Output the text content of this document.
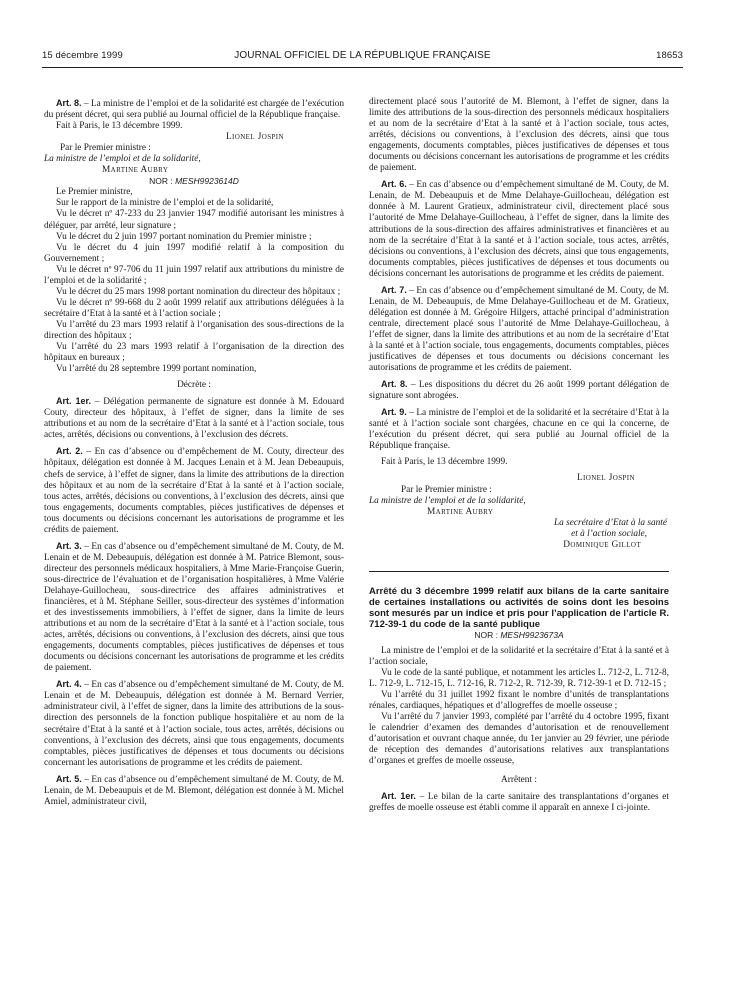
15 décembre 1999	JOURNAL OFFICIEL DE LA RÉPUBLIQUE FRANÇAISE	18653

Art. 8. – La ministre de l’emploi et de la solidarité est chargée de l’exécution du présent décret, qui sera publié au Journal officiel de la République française.

Fait à Paris, le 13 décembre 1999.

Lionel Jospin

Par le Premier ministre :

La ministre de l’emploi et de la solidarité,

Martine Aubry

NOR : MESH9923614D

Le Premier ministre,

Sur le rapport de la ministre de l’emploi et de la solidarité,

Vu le décret nº 47-233 du 23 janvier 1947 modifié autorisant les ministres à déléguer, par arrêté, leur signature ;

Vu le décret du 2 juin 1997 portant nomination du Premier ministre ;

Vu le décret du 4 juin 1997 modifié relatif à la composition du Gouvernement ;

Vu le décret nº 97-706 du 11 juin 1997 relatif aux attributions du ministre de l’emploi et de la solidarité ;

Vu le décret du 25 mars 1998 portant nomination du directeur des hôpitaux ;

Vu le décret nº 99-668 du 2 août 1999 relatif aux attributions déléguées à la secrétaire d’Etat à la santé et à l’action sociale ;

Vu l’arrêté du 23 mars 1993 relatif à l’organisation des sous-directions de la direction des hôpitaux ;

Vu l’arrêté du 23 mars 1993 relatif à l’organisation de la direction des hôpitaux en bureaux ;

Vu l’arrêté du 28 septembre 1999 portant nomination,

Décrète :

Art. 1er. – Délégation permanente de signature est donnée à M. Edouard Couty, directeur des hôpitaux, à l’effet de signer, dans la limite de ses attributions et au nom de la secrétaire d’Etat à la santé et à l’action sociale, tous actes, arrêtés, décisions ou conventions, à l’exclusion des décrets.

Art. 2. – En cas d’absence ou d’empêchement de M. Couty, directeur des hôpitaux, délégation est donnée à M. Jacques Lenain et à M. Jean Debeaupuis, chefs de service, à l’effet de signer, dans la limite des attributions de la direction des hôpitaux et au nom de la secrétaire d’Etat à la santé et à l’action sociale, tous actes, arrêtés, décisions ou conventions, à l’exclusion des décrets, ainsi que tous engagements, documents comptables, pièces justificatives de dépenses et tous documents ou décisions concernant les autorisations de programme et les crédits de paiement.

Art. 3. – En cas d’absence ou d’empêchement simultané de M. Couty, de M. Lenain et de M. Debeaupuis, délégation est donnée à M. Patrice Blemont, sous-directeur des personnels médicaux hospitaliers, à Mme Marie-Françoise Guerin, sous-directrice de l’évaluation et de l’organisation hospitalières, à Mme Valérie Delahaye-Guillocheau, sous-directrice des affaires administratives et financières, et à M. Stéphane Seiller, sous-directeur des systèmes d’information et des investissements immobiliers, à l’effet de signer, dans la limite de leurs attributions et au nom de la secrétaire d’Etat à la santé et à l’action sociale, tous actes, arrêtés, décisions ou conventions, à l’exclusion des décrets, ainsi que tous engagements, documents comptables, pièces justificatives de dépenses et tous documents ou décisions concernant les autorisations de programme et les crédits de paiement.

Art. 4. – En cas d’absence ou d’empêchement simultané de M. Couty, de M. Lenain et de M. Debeaupuis, délégation est donnée à M. Bernard Verrier, administrateur civil, à l’effet de signer, dans la limite des attributions de la sous-direction des personnels de la fonction publique hospitalière et au nom de la secrétaire d’Etat à la santé et à l’action sociale, tous actes, arrêtés, décisions ou conventions, à l’exclusion des décrets, ainsi que tous engagements, documents comptables, pièces justificatives de dépenses et tous documents ou décisions concernant les autorisations de programme et les crédits de paiement.

Art. 5. – En cas d’absence ou d’empêchement simultané de M. Couty, de M. Lenain, de M. Debeaupuis et de M. Blemont, délégation est donnée à M. Michel Amiel, administrateur civil,

directement placé sous l’autorité de M. Blemont, à l’effet de signer, dans la limite des attributions de la sous-direction des personnels médicaux hospitaliers et au nom de la secrétaire d’Etat à la santé et à l’action sociale, tous actes, arrêtés, décisions ou conventions, à l’exclusion des décrets, ainsi que tous engagements, documents comptables, pièces justificatives de dépenses et tous documents ou décisions concernant les autorisations de programme et les crédits de paiement.

Art. 6. – En cas d’absence ou d’empêchement simultané de M. Couty, de M. Lenain, de M. Debeaupuis et de Mme Delahaye-Guillocheau, délégation est donnée à M. Laurent Gratieux, administrateur civil, directement placé sous l’autorité de Mme Delahaye-Guillocheau, à l’effet de signer, dans la limite des attributions de la sous-direction des affaires administratives et financières et au nom de la secrétaire d’Etat à la santé et à l’action sociale, tous actes, arrêtés, décisions ou conventions, à l’exclusion des décrets, ainsi que tous engagements, documents comptables, pièces justificatives de dépenses et tous documents ou décisions concernant les autorisations de programme et les crédits de paiement.

Art. 7. – En cas d’absence ou d’empêchement simultané de M. Couty, de M. Lenain, de M. Debeaupuis, de Mme Delahaye-Guillocheau et de M. Gratieux, délégation est donnée à M. Grégoire Hilgers, attaché principal d’administration centrale, directement placé sous l’autorité de Mme Delahaye-Guillocheau, à l’effet de signer, dans la limite des attributions et au nom de la secrétaire d’Etat à la santé et à l’action sociale, tous engagements, documents comptables, pièces justificatives de dépenses et tous documents ou décisions concernant les autorisations de programme et les crédits de paiement.

Art. 8. – Les dispositions du décret du 26 août 1999 portant délégation de signature sont abrogées.

Art. 9. – La ministre de l’emploi et de la solidarité et la secrétaire d’Etat à la santé et à l’action sociale sont chargées, chacune en ce qui la concerne, de l’exécution du présent décret, qui sera publié au Journal officiel de la République française.

Fait à Paris, le 13 décembre 1999.

Lionel Jospin

Par le Premier ministre :

La ministre de l’emploi et de la solidarité,

Martine Aubry

La secrétaire d’Etat à la santé

et à l’action sociale,

Dominique Gillot

Arrêté du 3 décembre 1999 relatif aux bilans de la carte sanitaire de certaines installations ou activités de soins dont les besoins sont mesurés par un indice et pris pour l’application de l’article R. 712-39-1 du code de la santé publique

NOR : MESH9923673A

La ministre de l’emploi et de la solidarité et la secrétaire d’Etat à la santé et à l’action sociale,

Vu le code de la santé publique, et notamment les articles L. 712-2, L. 712-8, L. 712-9, L. 712-15, L. 712-16, R. 712-2, R. 712-39, R. 712-39-1 et D. 712-15 ;

Vu l’arrêté du 31 juillet 1992 fixant le nombre d’unités de transplantations rénales, cardiaques, hépatiques et d’allogreffes de moelle osseuse ;

Vu l’arrêté du 7 janvier 1993, complété par l’arrêté du 4 octobre 1995, fixant le calendrier d’examen des demandes d’autorisation et de renouvellement d’autorisation et ouvrant chaque année, du 1er janvier au 29 février, une période de réception des demandes d’autorisations relatives aux transplantations d’organes et greffes de moelle osseuse,

Arrêtent :

Art. 1er. – Le bilan de la carte sanitaire des transplantations d’organes et greffes de moelle osseuse est établi comme il apparaît en annexe I ci-jointe.
